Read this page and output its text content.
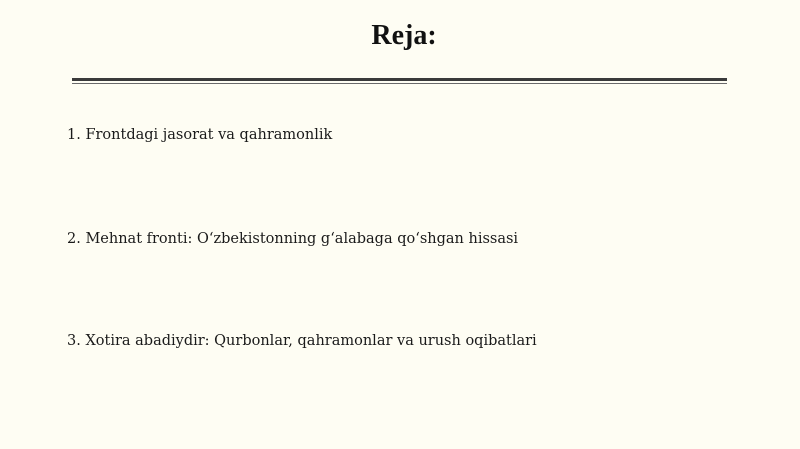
Reja:

1. Frontdagi jasorat va qahramonlik

2. Mehnat fronti: O‘zbekistonning g‘alabaga qo‘shgan hissasi

3. Xotira abadiydir: Qurbonlar, qahramonlar va urush oqibatlari
